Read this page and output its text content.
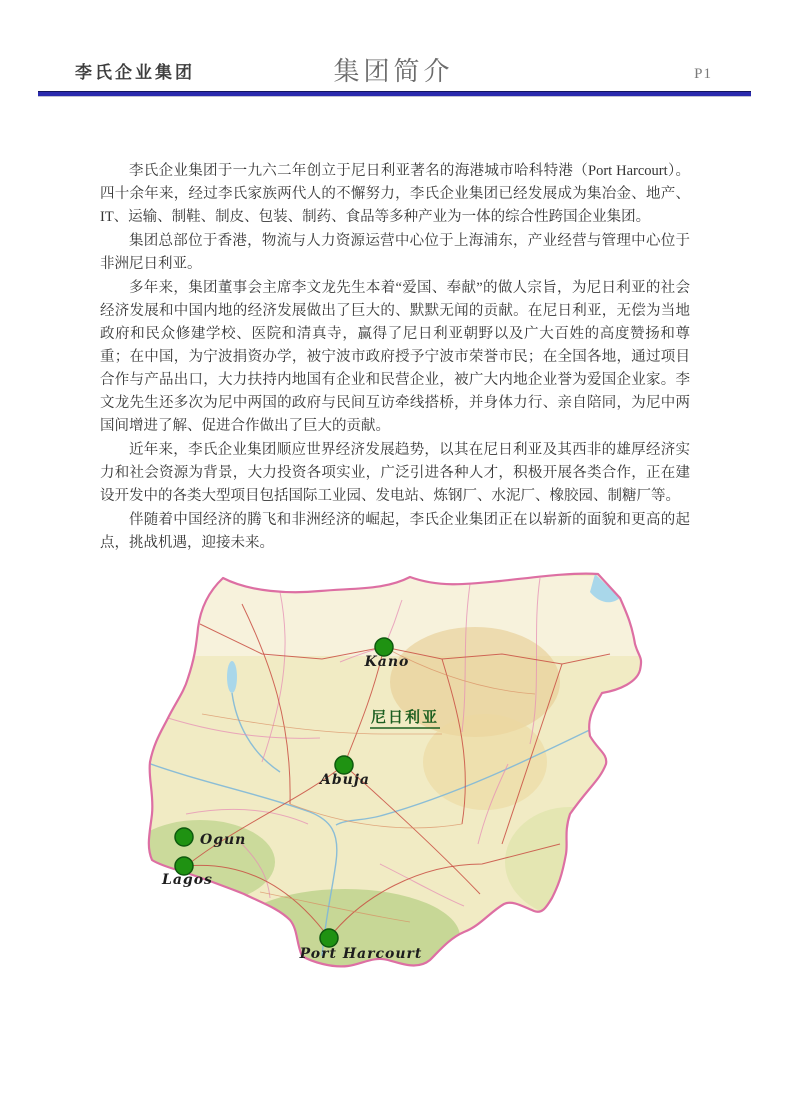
李氏企业集团	集团简介	P1

李氏企业集团于一九六二年创立于尼日利亚著名的海港城市哈科特港（Port Harcourt）。四十余年来，经过李氏家族两代人的不懈努力，李氏企业集团已经发展成为集冶金、地产、IT、运输、制鞋、制皮、包装、制药、食品等多种产业为一体的综合性跨国企业集团。

集团总部位于香港，物流与人力资源运营中心位于上海浦东，产业经营与管理中心位于非洲尼日利亚。

多年来，集团董事会主席李文龙先生本着“爱国、奉献”的做人宗旨，为尼日利亚的社会经济发展和中国内地的经济发展做出了巨大的、默默无闻的贡献。在尼日利亚，无偿为当地政府和民众修建学校、医院和清真寺，赢得了尼日利亚朝野以及广大百姓的高度赞扬和尊重；在中国，为宁波捐资办学，被宁波市政府授予宁波市荣誉市民；在全国各地，通过项目合作与产品出口，大力扶持内地国有企业和民营企业，被广大内地企业誉为爱国企业家。李文龙先生还多次为尼中两国的政府与民间互访牵线搭桥，并身体力行、亲自陪同，为尼中两国间增进了解、促进合作做出了巨大的贡献。

近年来，李氏企业集团顺应世界经济发展趋势，以其在尼日利亚及其西非的雄厚经济实力和社会资源为背景，大力投资各项实业，广泛引进各种人才，积极开展各类合作，正在建设开发中的各类大型项目包括国际工业园、发电站、炼钢厂、水泥厂、橡胶园、制糖厂等。

伴随着中国经济的腾飞和非洲经济的崛起，李氏企业集团正在以崭新的面貌和更高的起点，挑战机遇，迎接未来。

尼日利亚
Kano
Abuja
Ogun
Lagos
Port Harcourt
